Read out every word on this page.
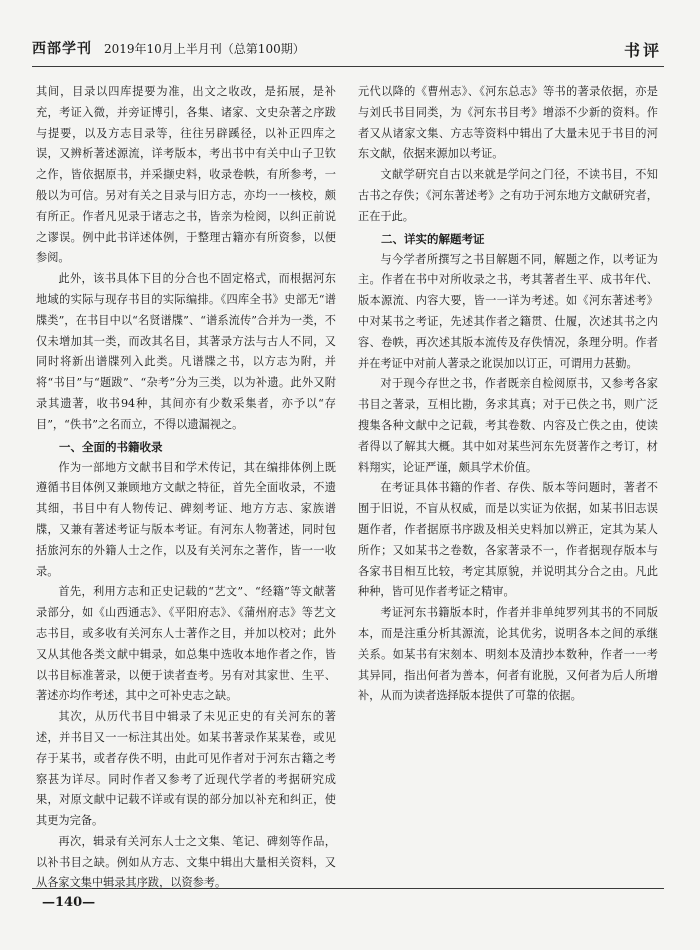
西部学刊 2019年10月上半月刊（总第100期）	书评

其间，目录以四库提要为准，出文之收改，是拓展，是补充，考证入微，并旁证博引，各集、诸家、文史杂著之序跋与提要，以及方志目录等，往往另辟蹊径，以补正四库之误，又辨析著述源流，详考版本，考出书中有关中山子卫钦之作，皆依据原书，并采撷史料，收录卷帙，有所参考，一般以为可信。另对有关之目录与旧方志，亦均一一核校，颇有所正。作者凡见录于诸志之书，皆亲为检阅，以纠正前说之谬误。例中此书详述体例，于整理古籍亦有所资参，以便参阅。

此外，该书具体下目的分合也不固定格式，而根据河东地域的实际与现存书目的实际编排。《四库全书》史部无“谱牒类”，在书目中以“名贤谱牒”、“谱系流传”合并为一类，不仅未增加其一类，而改其名目，其著录方法与古人不同，又同时将新出谱牒列入此类。凡谱牒之书，以方志为附，并将“书目”与“题跋”、“杂考”分为三类，以为补遗。此外又附录其遗著，收书94种，其间亦有少数采集者，亦予以“存目”，“佚书”之名而立，不得以遗漏视之。

一、全面的书籍收录

作为一部地方文献书目和学术传记，其在编排体例上既遵循书目体例又兼顾地方文献之特征，首先全面收录，不遗其细，书目中有人物传记、碑刻考证、地方方志、家族谱牒，又兼有著述考证与版本考证。有河东人物著述，同时包括旅河东的外籍人士之作，以及有关河东之著作，皆一一收录。

首先，利用方志和正史记载的“艺文”、“经籍”等文献著录部分，如《山西通志》、《平阳府志》、《蒲州府志》等艺文志书目，或多收有关河东人士著作之目，并加以校对；此外又从其他各类文献中辑录，如总集中选收本地作者之作，皆以书目标准著录，以便于读者查考。另有对其家世、生平、著述亦均作考述，其中之可补史志之缺。

其次，从历代书目中辑录了未见正史的有关河东的著述，并书目又一一标注其出处。如某书著录作某某卷，或见存于某书，或者存佚不明，由此可见作者对于河东古籍之考察甚为详尽。同时作者又参考了近现代学者的考据研究成果，对原文献中记载不详或有误的部分加以补充和纠正，使其更为完备。

再次，辑录有关河东人士之文集、笔记、碑刻等作品，以补书目之缺。例如从方志、文集中辑出大量相关资料，又从各家文集中辑录其序跋，以资参考。

元代以降的《曹州志》、《河东总志》等书的著录依据，亦是与刘氏书目同类，为《河东书目考》增添不少新的资料。作者又从诸家文集、方志等资料中辑出了大量未见于书目的河东文献，依据来源加以考证。

文献学研究自古以来就是学问之门径，不读书目，不知古书之存佚；《河东著述考》之有功于河东地方文献研究者，正在于此。

二、详实的解题考证

与今学者所撰写之书目解题不同，解题之作，以考证为主。作者在书中对所收录之书，考其著者生平、成书年代、版本源流、内容大要，皆一一详为考述。如《河东著述考》中对某书之考证，先述其作者之籍贯、仕履，次述其书之内容、卷帙，再次述其版本流传及存佚情况，条理分明。作者并在考证中对前人著录之讹误加以订正，可谓用力甚勤。

对于现今存世之书，作者既亲自检阅原书，又参考各家书目之著录，互相比勘，务求其真；对于已佚之书，则广泛搜集各种文献中之记载，考其卷数、内容及亡佚之由，使读者得以了解其大概。其中如对某些河东先贤著作之考订，材料翔实，论证严谨，颇具学术价值。

在考证具体书籍的作者、存佚、版本等问题时，著者不囿于旧说，不盲从权威，而是以实证为依据，如某书旧志误题作者，作者据原书序跋及相关史料加以辨正，定其为某人所作；又如某书之卷数，各家著录不一，作者据现存版本与各家书目相互比较，考定其原貌，并说明其分合之由。凡此种种，皆可见作者考证之精审。

考证河东书籍版本时，作者并非单纯罗列其书的不同版本，而是注重分析其源流，论其优劣，说明各本之间的承继关系。如某书有宋刻本、明刻本及清抄本数种，作者一一考其异同，指出何者为善本，何者有讹脱，又何者为后人所增补，从而为读者选择版本提供了可靠的依据。

—140—
